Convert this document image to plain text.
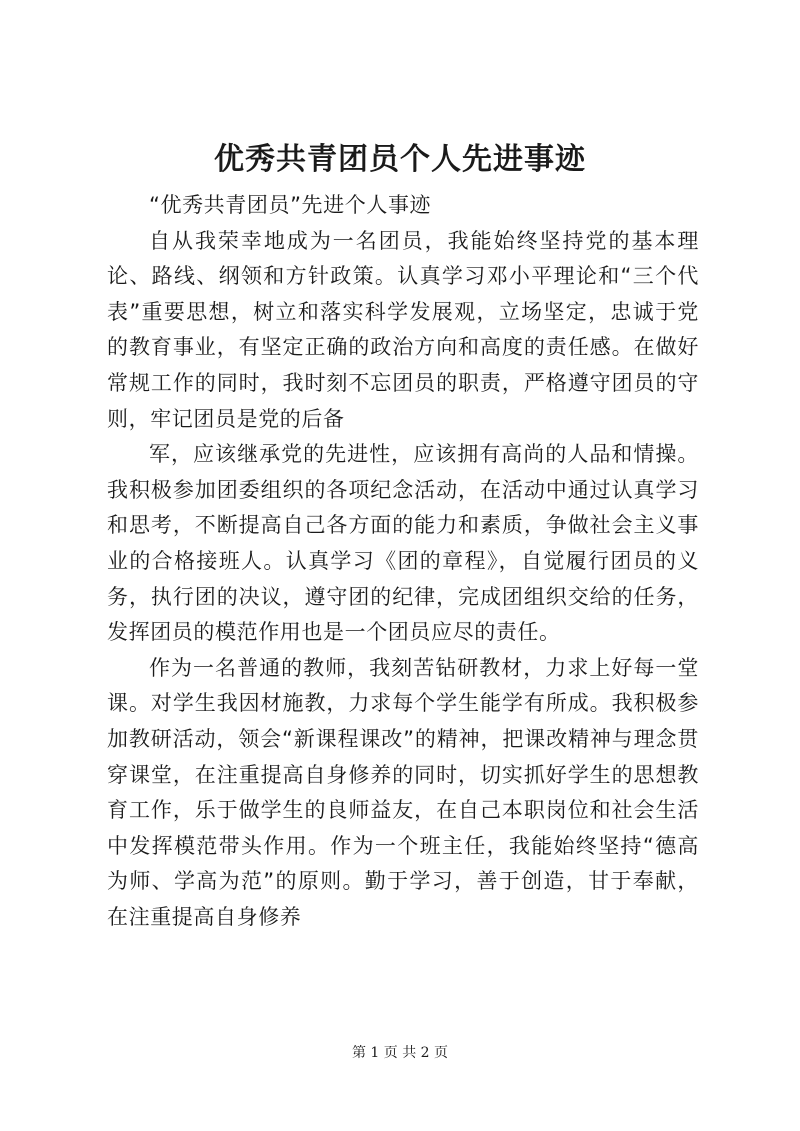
优秀共青团员个人先进事迹

“优秀共青团员”先进个人事迹

自从我荣幸地成为一名团员，我能始终坚持党的基本理论、路线、纲领和方针政策。认真学习邓小平理论和“三个代表”重要思想，树立和落实科学发展观，立场坚定，忠诚于党的教育事业，有坚定正确的政治方向和高度的责任感。在做好常规工作的同时，我时刻不忘团员的职责，严格遵守团员的守则，牢记团员是党的后备

军，应该继承党的先进性，应该拥有高尚的人品和情操。我积极参加团委组织的各项纪念活动，在活动中通过认真学习和思考，不断提高自己各方面的能力和素质，争做社会主义事业的合格接班人。认真学习《团的章程》，自觉履行团员的义务，执行团的决议，遵守团的纪律，完成团组织交给的任务，发挥团员的模范作用也是一个团员应尽的责任。

作为一名普通的教师，我刻苦钻研教材，力求上好每一堂课。对学生我因材施教，力求每个学生能学有所成。我积极参加教研活动，领会“新课程课改”的精神，把课改精神与理念贯穿课堂，在注重提高自身修养的同时，切实抓好学生的思想教育工作，乐于做学生的良师益友，在自己本职岗位和社会生活中发挥模范带头作用。作为一个班主任，我能始终坚持“德高为师、学高为范”的原则。勤于学习，善于创造，甘于奉献，在注重提高自身修养

第 1 页 共 2 页
